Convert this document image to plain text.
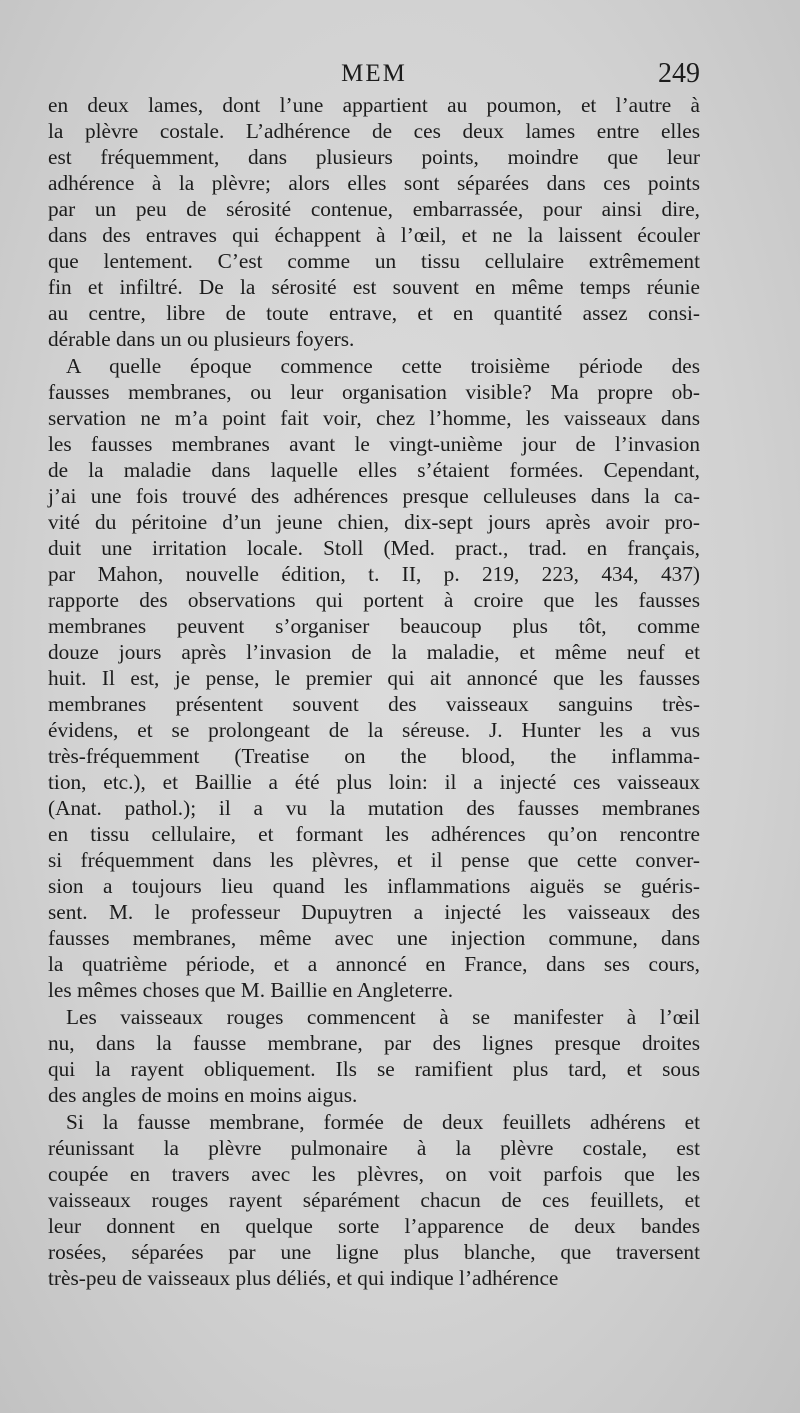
MEM	249
en deux lames, dont l’une appartient au poumon, et l’autre à
la plèvre costale. L’adhérence de ces deux lames entre elles
est fréquemment, dans plusieurs points, moindre que leur
adhérence à la plèvre; alors elles sont séparées dans ces points
par un peu de sérosité contenue, embarrassée, pour ainsi dire,
dans des entraves qui échappent à l’œil, et ne la laissent écouler
que lentement. C’est comme un tissu cellulaire extrêmement
fin et infiltré. De la sérosité est souvent en même temps réunie
au centre, libre de toute entrave, et en quantité assez consi-
dérable dans un ou plusieurs foyers.
A quelle époque commence cette troisième période des
fausses membranes, ou leur organisation visible? Ma propre ob-
servation ne m’a point fait voir, chez l’homme, les vaisseaux dans
les fausses membranes avant le vingt-unième jour de l’invasion
de la maladie dans laquelle elles s’étaient formées. Cependant,
j’ai une fois trouvé des adhérences presque celluleuses dans la ca-
vité du péritoine d’un jeune chien, dix-sept jours après avoir pro-
duit une irritation locale. Stoll (Med. pract., trad. en français,
par Mahon, nouvelle édition, t. II, p. 219, 223, 434, 437)
rapporte des observations qui portent à croire que les fausses
membranes peuvent s’organiser beaucoup plus tôt, comme
douze jours après l’invasion de la maladie, et même neuf et
huit. Il est, je pense, le premier qui ait annoncé que les fausses
membranes présentent souvent des vaisseaux sanguins très-
évidens, et se prolongeant de la séreuse. J. Hunter les a vus
très-fréquemment (Treatise on the blood, the inflamma-
tion, etc.), et Baillie a été plus loin: il a injecté ces vaisseaux
(Anat. pathol.); il a vu la mutation des fausses membranes
en tissu cellulaire, et formant les adhérences qu’on rencontre
si fréquemment dans les plèvres, et il pense que cette conver-
sion a toujours lieu quand les inflammations aiguës se guéris-
sent. M. le professeur Dupuytren a injecté les vaisseaux des
fausses membranes, même avec une injection commune, dans
la quatrième période, et a annoncé en France, dans ses cours,
les mêmes choses que M. Baillie en Angleterre.
Les vaisseaux rouges commencent à se manifester à l’œil
nu, dans la fausse membrane, par des lignes presque droites
qui la rayent obliquement. Ils se ramifient plus tard, et sous
des angles de moins en moins aigus.
Si la fausse membrane, formée de deux feuillets adhérens et
réunissant la plèvre pulmonaire à la plèvre costale, est
coupée en travers avec les plèvres, on voit parfois que les
vaisseaux rouges rayent séparément chacun de ces feuillets, et
leur donnent en quelque sorte l’apparence de deux bandes
rosées, séparées par une ligne plus blanche, que traversent
très-peu de vaisseaux plus déliés, et qui indique l’adhérence
